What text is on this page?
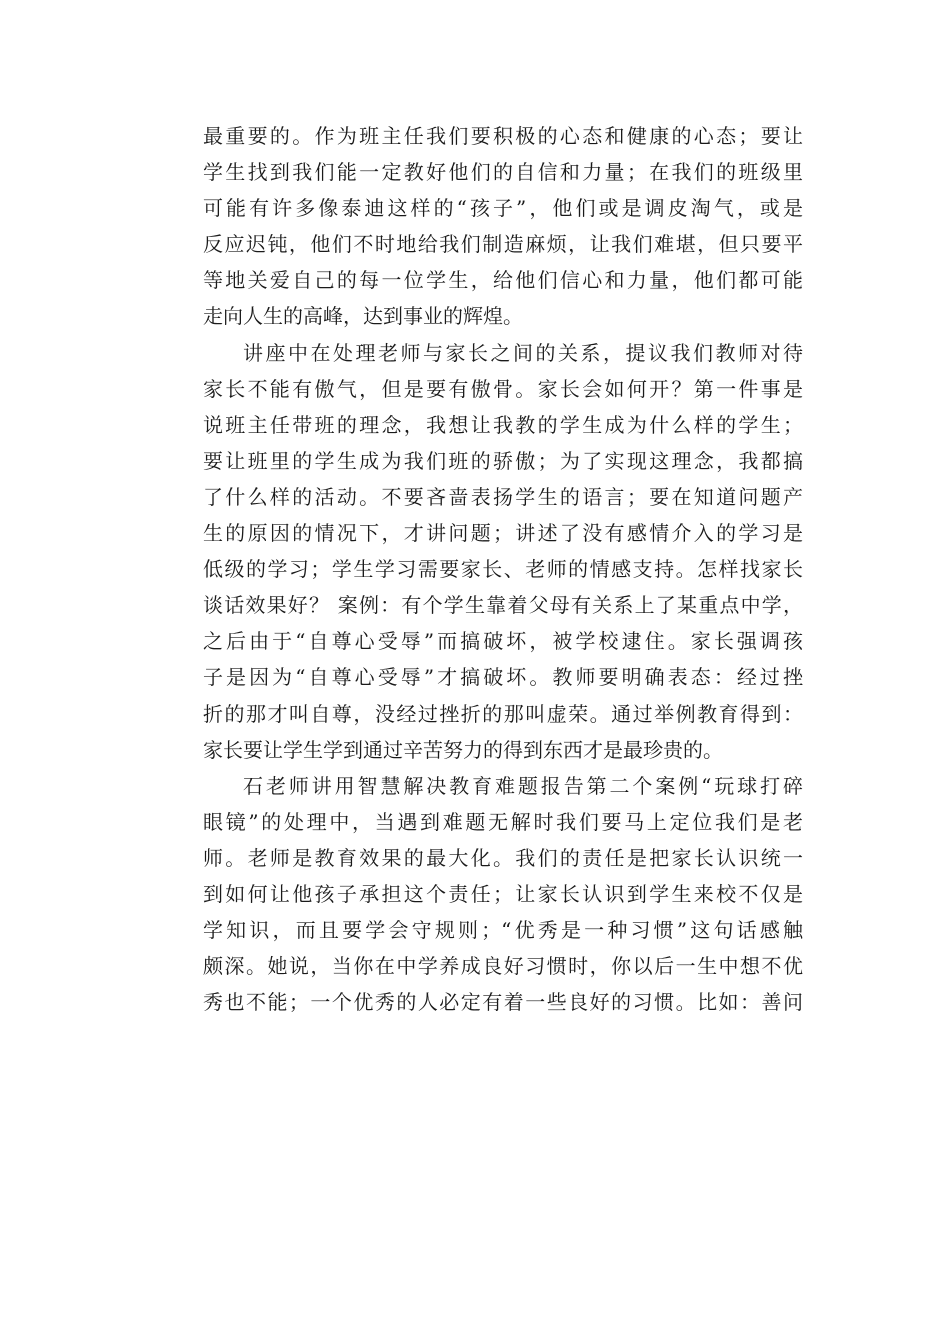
最重要的。作为班主任我们要积极的心态和健康的心态；要让
学生找到我们能一定教好他们的自信和力量；在我们的班级里
可能有许多像泰迪这样的“孩子”，他们或是调皮淘气，或是
反应迟钝，他们不时地给我们制造麻烦，让我们难堪，但只要平
等地关爱自己的每一位学生，给他们信心和力量，他们都可能
走向人生的高峰，达到事业的辉煌。
讲座中在处理老师与家长之间的关系，提议我们教师对待
家长不能有傲气，但是要有傲骨。家长会如何开？第一件事是
说班主任带班的理念，我想让我教的学生成为什么样的学生；
要让班里的学生成为我们班的骄傲；为了实现这理念，我都搞
了什么样的活动。不要吝啬表扬学生的语言；要在知道问题产
生的原因的情况下，才讲问题；讲述了没有感情介入的学习是
低级的学习；学生学习需要家长、老师的情感支持。怎样找家长
谈话效果好？ 案例：有个学生靠着父母有关系上了某重点中学，
之后由于“自尊心受辱”而搞破坏，被学校逮住。家长强调孩
子是因为“自尊心受辱”才搞破坏。教师要明确表态：经过挫
折的那才叫自尊，没经过挫折的那叫虚荣。通过举例教育得到：
家长要让学生学到通过辛苦努力的得到东西才是最珍贵的。
石老师讲用智慧解决教育难题报告第二个案例“玩球打碎
眼镜”的处理中，当遇到难题无解时我们要马上定位我们是老
师。老师是教育效果的最大化。我们的责任是把家长认识统一
到如何让他孩子承担这个责任；让家长认识到学生来校不仅是
学知识，而且要学会守规则；“优秀是一种习惯”这句话感触
颇深。她说，当你在中学养成良好习惯时，你以后一生中想不优
秀也不能；一个优秀的人必定有着一些良好的习惯。比如：善问
